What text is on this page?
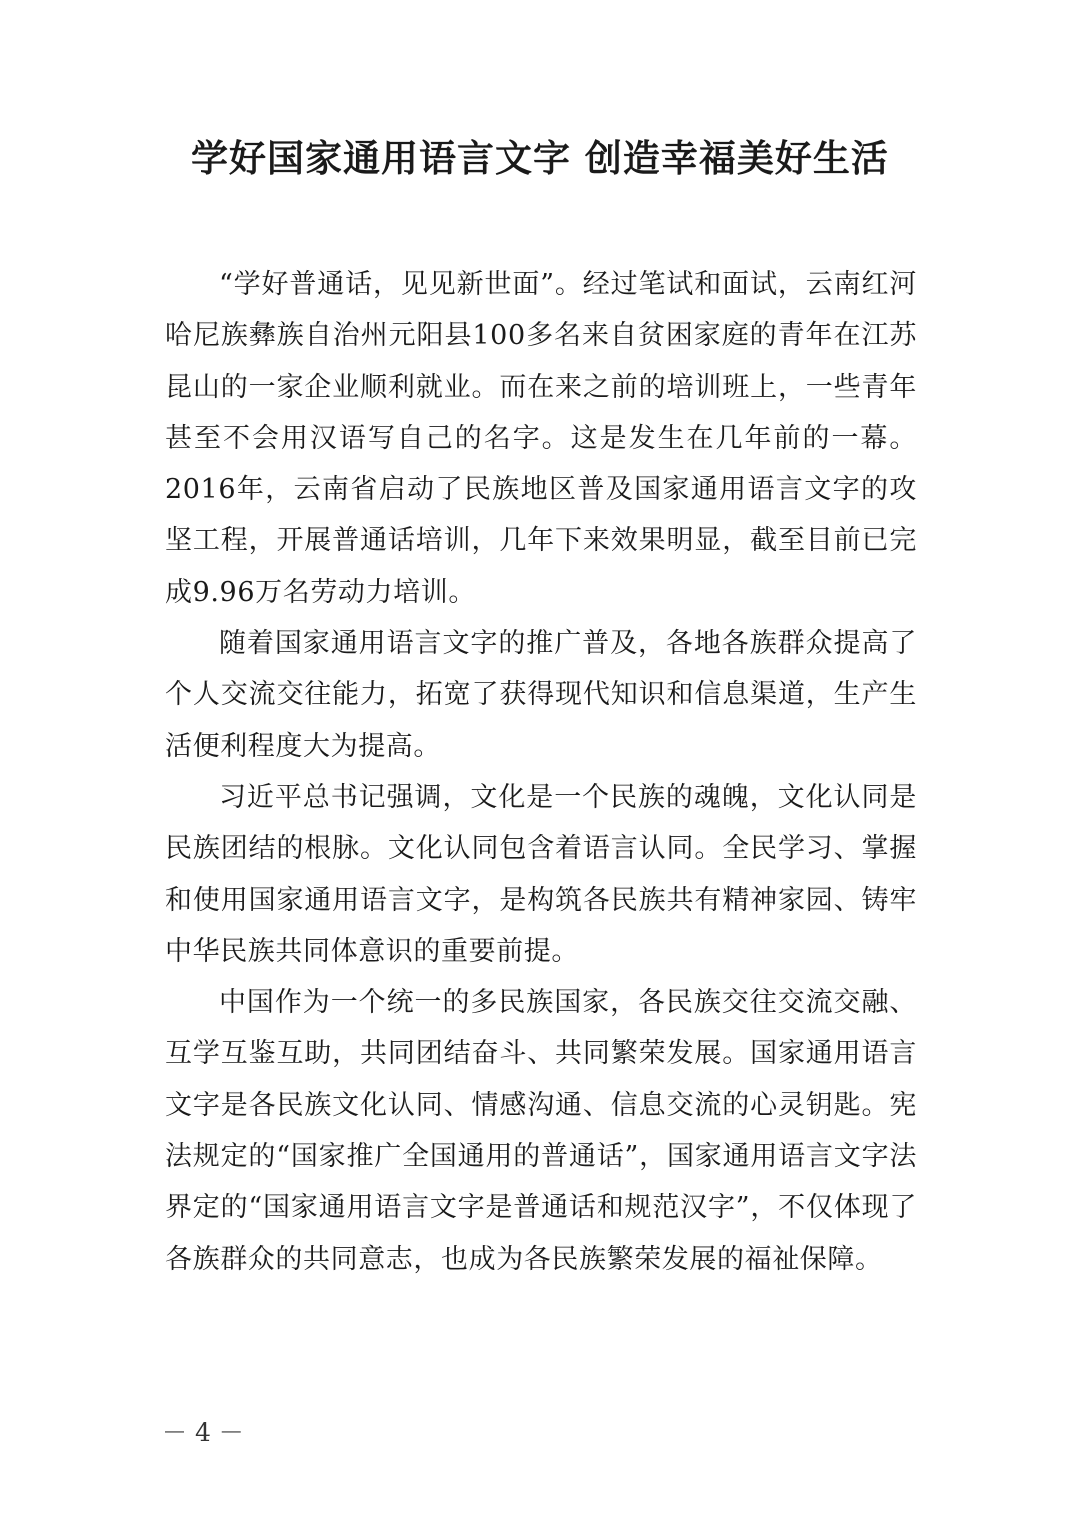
学好国家通用语言文字 创造幸福美好生活

“学好普通话，见见新世面”。经过笔试和面试，云南红河哈尼族彝族自治州元阳县100多名来自贫困家庭的青年在江苏昆山的一家企业顺利就业。而在来之前的培训班上，一些青年甚至不会用汉语写自己的名字。这是发生在几年前的一幕。2016年，云南省启动了民族地区普及国家通用语言文字的攻坚工程，开展普通话培训，几年下来效果明显，截至目前已完成9.96万名劳动力培训。

随着国家通用语言文字的推广普及，各地各族群众提高了个人交流交往能力，拓宽了获得现代知识和信息渠道，生产生活便利程度大为提高。

习近平总书记强调，文化是一个民族的魂魄，文化认同是民族团结的根脉。文化认同包含着语言认同。全民学习、掌握和使用国家通用语言文字，是构筑各民族共有精神家园、铸牢中华民族共同体意识的重要前提。

中国作为一个统一的多民族国家，各民族交往交流交融、互学互鉴互助，共同团结奋斗、共同繁荣发展。国家通用语言文字是各民族文化认同、情感沟通、信息交流的心灵钥匙。宪法规定的“国家推广全国通用的普通话”，国家通用语言文字法界定的“国家通用语言文字是普通话和规范汉字”，不仅体现了各族群众的共同意志，也成为各民族繁荣发展的福祉保障。

－ 4 －
